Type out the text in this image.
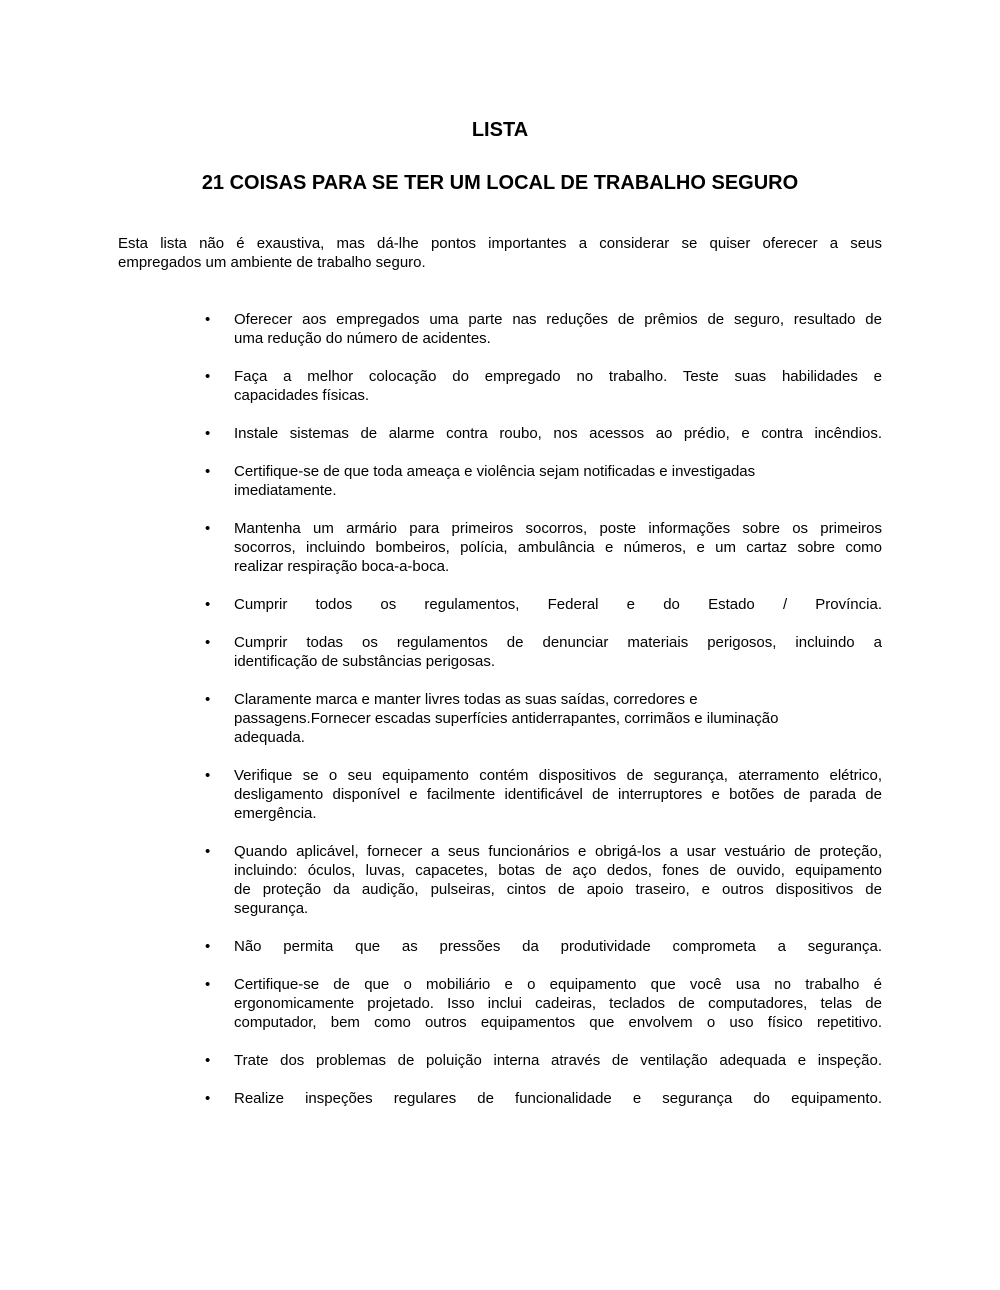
LISTA
21 COISAS PARA SE TER UM LOCAL DE TRABALHO SEGURO
Esta lista não é exaustiva, mas dá-lhe pontos importantes a considerar se quiser oferecer a seus
empregados um ambiente de trabalho seguro.
• Oferecer aos empregados uma parte nas reduções de prêmios de seguro, resultado de
uma redução do número de acidentes.
• Faça a melhor colocação do empregado no trabalho. Teste suas habilidades e
capacidades físicas.
• Instale sistemas de alarme contra roubo, nos acessos ao prédio, e contra incêndios.
• Certifique-se de que toda ameaça e violência sejam notificadas e investigadas
imediatamente.
• Mantenha um armário para primeiros socorros, poste informações sobre os primeiros
socorros, incluindo bombeiros, polícia, ambulância e números, e um cartaz sobre como
realizar respiração boca-a-boca.
• Cumprir todos os regulamentos, Federal e do Estado / Província.
• Cumprir todas os regulamentos de denunciar materiais perigosos, incluindo a
identificação de substâncias perigosas.
• Claramente marca e manter livres todas as suas saídas, corredores e
passagens.Fornecer escadas superfícies antiderrapantes, corrimãos e iluminação
adequada.
• Verifique se o seu equipamento contém dispositivos de segurança, aterramento elétrico,
desligamento disponível e facilmente identificável de interruptores e botões de parada de
emergência.
• Quando aplicável, fornecer a seus funcionários e obrigá-los a usar vestuário de proteção,
incluindo: óculos, luvas, capacetes, botas de aço dedos, fones de ouvido, equipamento
de proteção da audição, pulseiras, cintos de apoio traseiro, e outros dispositivos de
segurança.
• Não permita que as pressões da produtividade comprometa a segurança.
• Certifique-se de que o mobiliário e o equipamento que você usa no trabalho é
ergonomicamente projetado. Isso inclui cadeiras, teclados de computadores, telas de
computador, bem como outros equipamentos que envolvem o uso físico repetitivo.
• Trate dos problemas de poluição interna através de ventilação adequada e inspeção.
• Realize inspeções regulares de funcionalidade e segurança do equipamento.
